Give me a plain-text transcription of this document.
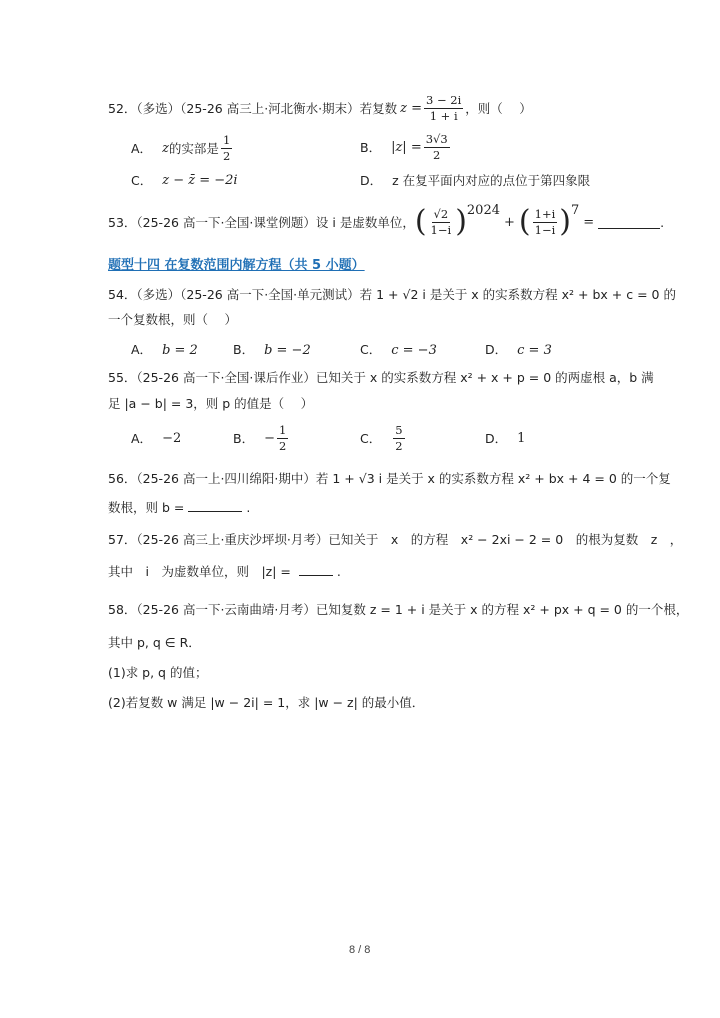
52．（多选）（25-26 高三上·河北衡水·期末）若复数 $z = \frac{3 - 2i}{1 + i}$ ，则（　 ）
A． z 的实部是 $\frac{1}{2}$	B． $|z| = \frac{3√3}{2}$
C． z − z̄ = −2i	D． z 在复平面内对应的点位于第四象限
53．（25-26 高一下·全国·课堂例题）设 i 是虚数单位， ( $\frac{√2}{1-i}$ ) 2024
+ ( $\frac{1+i}{1-i}$ ) 7
=	.
题型十四 在复数范围内解方程（共 5 小题）
54．（多选）（25-26 高一下·全国·单元测试）若 1 + √2 i 是关于 x 的实系数方程 x² + bx + c = 0 的
一个复数根，则（　 ）
A． b = 2	B． b = −2	C． c = −3	D． c = 3
55．（25-26 高一下·全国·课后作业）已知关于 x 的实系数方程 x² + x + p = 0 的两虚根 a，b 满
足 |a − b| = 3，则 p 的值是（　 ）
A． −2	B． − $\frac{1}{2}$	C． $\frac{5}{2}$	D． 1
56．（25-26 高一上·四川绵阳·期中）若 1 + √3 i 是关于 x 的实系数方程 x² + bx + 4 = 0 的一个复
数根，则 b =	.
57．（25-26 高三上·重庆沙坪坝·月考）已知关于　x　的方程　x² − 2xi − 2 = 0　的根为复数　z　，
其中　i　为虚数单位，则　|z| =	.
58．（25-26 高一下·云南曲靖·月考）已知复数 z = 1 + i 是关于 x 的方程 x² + px + q = 0 的一个根，
其中 p, q ∈ R．
(1)求 p, q 的值；
(2)若复数 w 满足 |w − 2i| = 1，求 |w − z| 的最小值．
8 / 8
